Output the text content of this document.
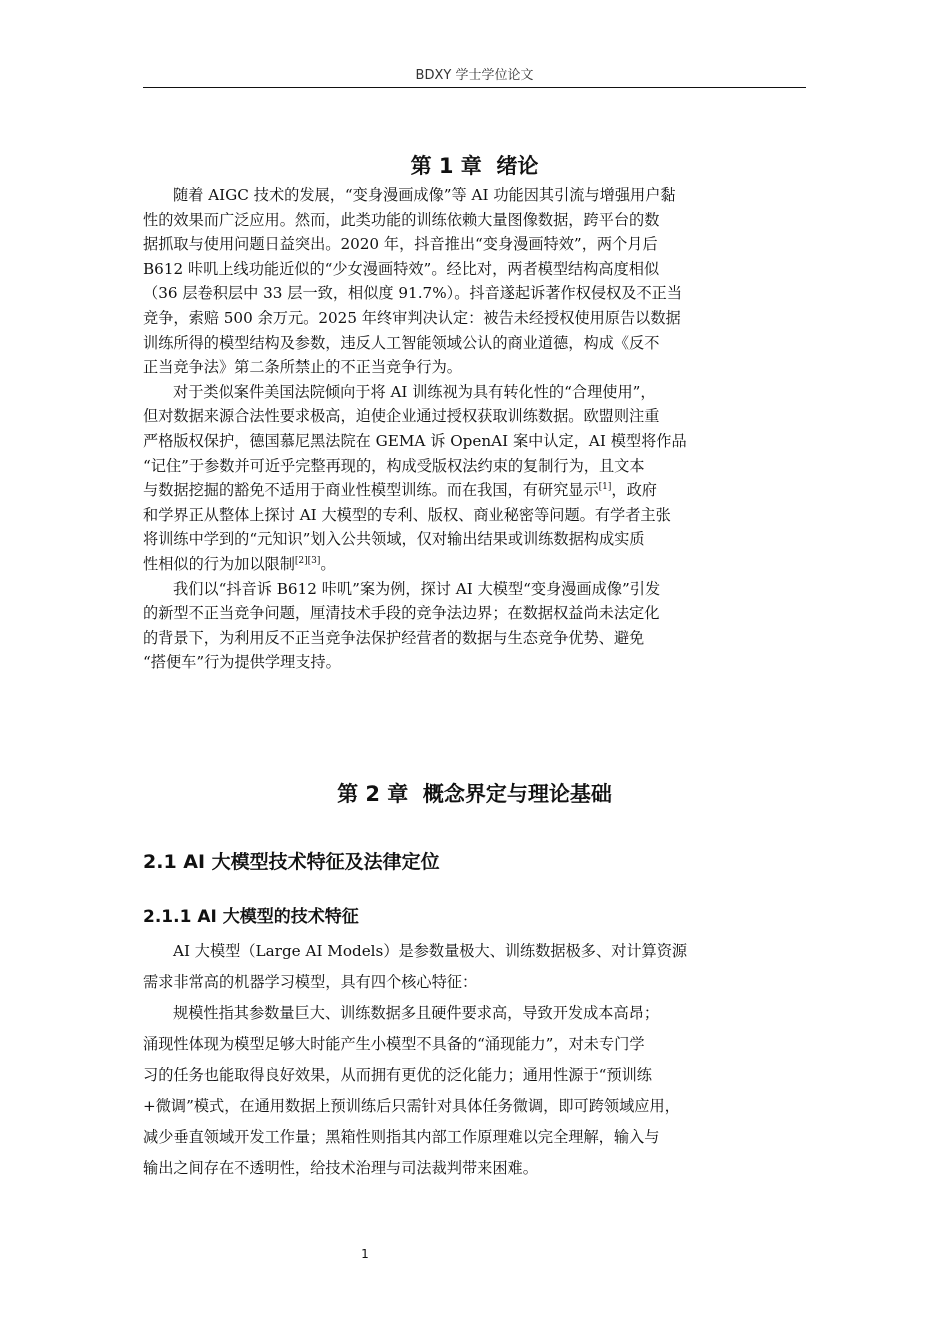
BDXY 学士学位论文
第 1 章  绪论
随着 AIGC 技术的发展，“变身漫画成像”等 AI 功能因其引流与增强用户黏
性的效果而广泛应用。然而，此类功能的训练依赖大量图像数据，跨平台的数
据抓取与使用问题日益突出。2020 年，抖音推出“变身漫画特效”，两个月后
B612 咔叽上线功能近似的“少女漫画特效”。经比对，两者模型结构高度相似
（36 层卷积层中 33 层一致，相似度 91.7%）。抖音遂起诉著作权侵权及不正当
竞争，索赔 500 余万元。2025 年终审判决认定：被告未经授权使用原告以数据
训练所得的模型结构及参数，违反人工智能领域公认的商业道德，构成《反不
正当竞争法》第二条所禁止的不正当竞争行为。
对于类似案件美国法院倾向于将 AI 训练视为具有转化性的“合理使用”，
但对数据来源合法性要求极高，迫使企业通过授权获取训练数据。欧盟则注重
严格版权保护，德国慕尼黑法院在 GEMA 诉 OpenAI 案中认定，AI 模型将作品
“记住”于参数并可近乎完整再现的，构成受版权法约束的复制行为，且文本
与数据挖掘的豁免不适用于商业性模型训练。而在我国，有研究显示[1]，政府
和学界正从整体上探讨 AI 大模型的专利、版权、商业秘密等问题。有学者主张
将训练中学到的“元知识”划入公共领域，仅对输出结果或训练数据构成实质
性相似的行为加以限制[2][3]。
我们以“抖音诉 B612 咔叽”案为例，探讨 AI 大模型“变身漫画成像”引发
的新型不正当竞争问题，厘清技术手段的竞争法边界；在数据权益尚未法定化
的背景下，为利用反不正当竞争法保护经营者的数据与生态竞争优势、避免
“搭便车”行为提供学理支持。
第 2 章  概念界定与理论基础
2.1 AI 大模型技术特征及法律定位
2.1.1 AI 大模型的技术特征
AI 大模型（Large AI Models）是参数量极大、训练数据极多、对计算资源
需求非常高的机器学习模型，具有四个核心特征：
规模性指其参数量巨大、训练数据多且硬件要求高，导致开发成本高昂；
涌现性体现为模型足够大时能产生小模型不具备的“涌现能力”，对未专门学
习的任务也能取得良好效果，从而拥有更优的泛化能力；通用性源于“预训练
+微调”模式，在通用数据上预训练后只需针对具体任务微调，即可跨领域应用，
减少垂直领域开发工作量；黑箱性则指其内部工作原理难以完全理解，输入与
输出之间存在不透明性，给技术治理与司法裁判带来困难。
1
